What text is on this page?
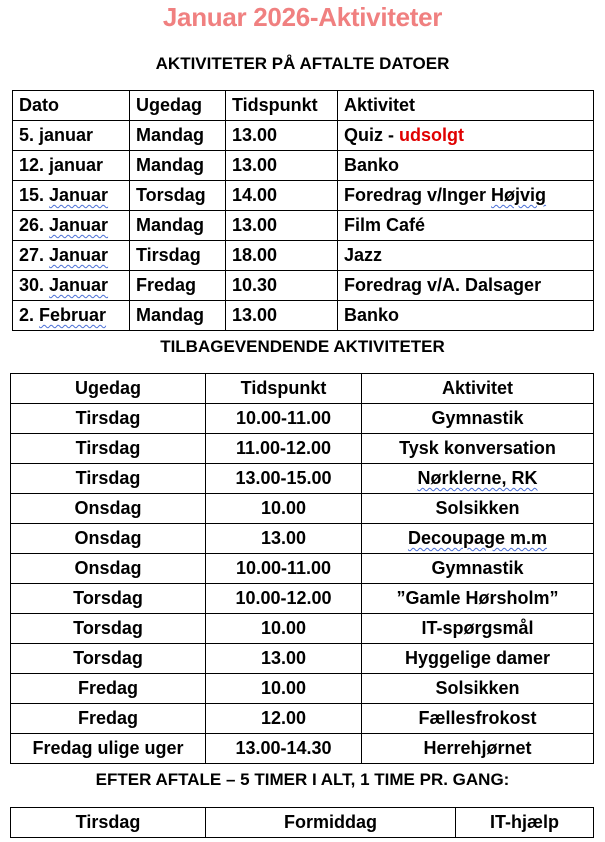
Januar 2026-Aktiviteter
AKTIVITETER PÅ AFTALTE DATOER
Dato	Ugedag	Tidspunkt	Aktivitet
5. januar	Mandag	13.00	Quiz - udsolgt
12. januar	Mandag	13.00	Banko
15. Januar	Torsdag	14.00	Foredrag v/Inger Højvig
26. Januar	Mandag	13.00	Film Café
27. Januar	Tirsdag	18.00	Jazz
30. Januar	Fredag	10.30	Foredrag v/A. Dalsager
2. Februar	Mandag	13.00	Banko
TILBAGEVENDENDE AKTIVITETER
Ugedag	Tidspunkt	Aktivitet
Tirsdag	10.00-11.00	Gymnastik
Tirsdag	11.00-12.00	Tysk konversation
Tirsdag	13.00-15.00	Nørklerne, RK
Onsdag	10.00	Solsikken
Onsdag	13.00	Decoupage m.m
Onsdag	10.00-11.00	Gymnastik
Torsdag	10.00-12.00	”Gamle Hørsholm”
Torsdag	10.00	IT-spørgsmål
Torsdag	13.00	Hyggelige damer
Fredag	10.00	Solsikken
Fredag	12.00	Fællesfrokost
Fredag ulige uger	13.00-14.30	Herrehjørnet
EFTER AFTALE – 5 TIMER I ALT, 1 TIME PR. GANG:
Tirsdag	Formiddag	IT-hjælp
